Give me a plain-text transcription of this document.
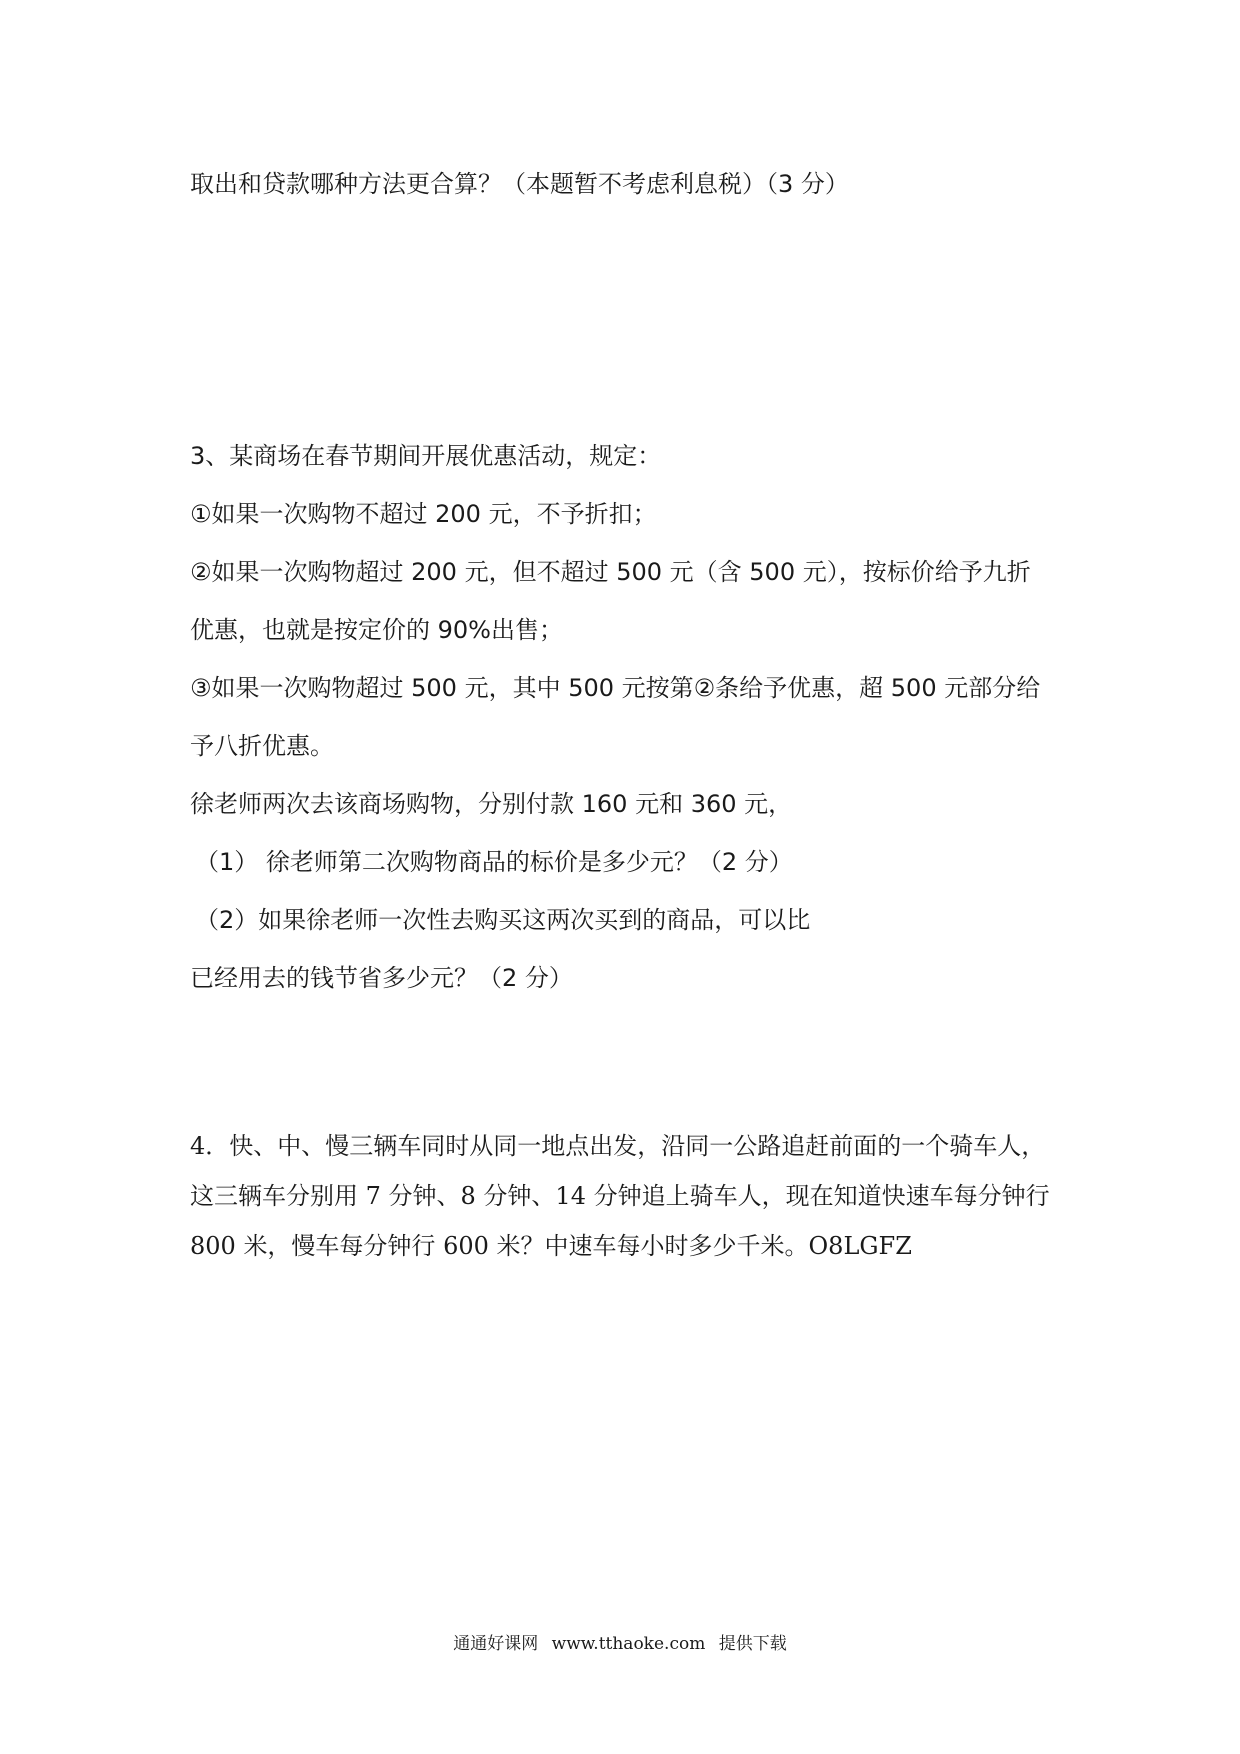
取出和贷款哪种方法更合算？（本题暂不考虑利息税）（3 分）

3、某商场在春节期间开展优惠活动，规定：

①如果一次购物不超过 200 元，不予折扣；

②如果一次购物超过 200 元，但不超过 500 元（含 500 元），按标价给予九折

优惠，也就是按定价的 90%出售；

③如果一次购物超过 500 元，其中 500 元按第②条给予优惠，超 500 元部分给

予八折优惠。

徐老师两次去该商场购物，分别付款 160 元和 360 元，

（1） 徐老师第二次购物商品的标价是多少元？（2 分）

（2）如果徐老师一次性去购买这两次买到的商品，可以比

已经用去的钱节省多少元？（2 分）

4．快、中、慢三辆车同时从同一地点出发，沿同一公路追赶前面的一个骑车人，

这三辆车分别用 7 分钟、8 分钟、14 分钟追上骑车人，现在知道快速车每分钟行

800 米，慢车每分钟行 600 米？中速车每小时多少千米。O8LGFZ

通通好课网 www.tthaoke.com 提供下载
